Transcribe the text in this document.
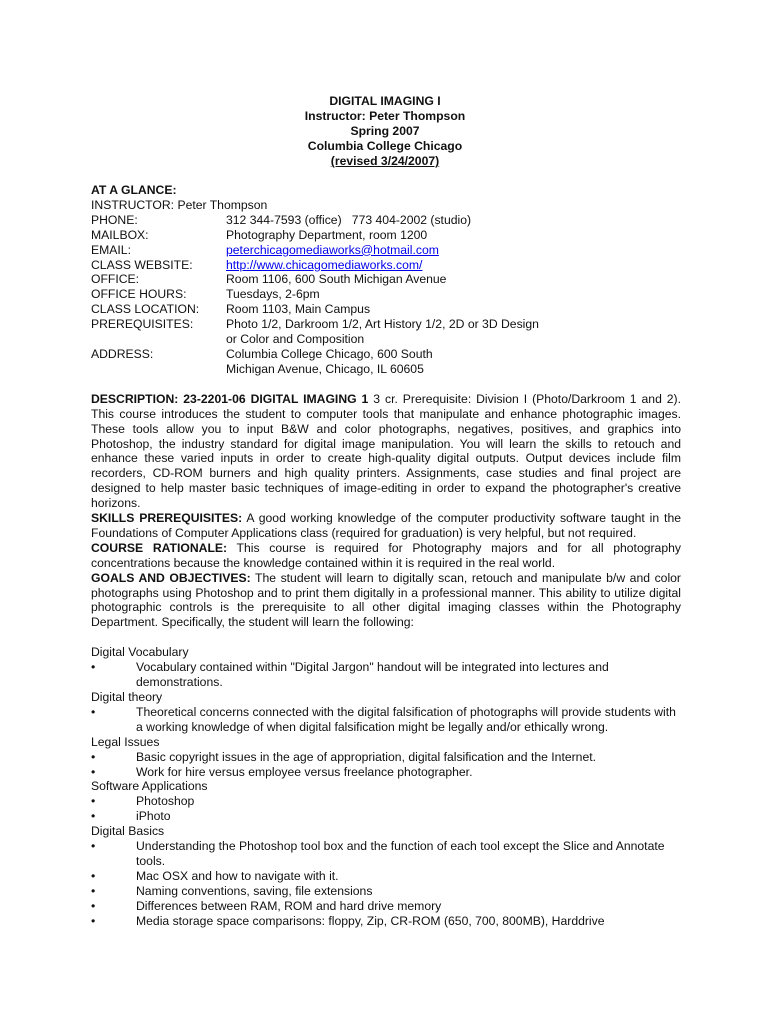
DIGITAL IMAGING I
Instructor: Peter Thompson
Spring 2007
Columbia College Chicago
(revised 3/24/2007)
AT A GLANCE:
INSTRUCTOR: Peter Thompson
PHONE:	312 344-7593 (office)   773 404-2002 (studio)
MAILBOX:	Photography Department, room 1200
EMAIL:	peterchicagomediaworks@hotmail.com
CLASS WEBSITE:	http://www.chicagomediaworks.com/
OFFICE:	Room 1106, 600 South Michigan Avenue
OFFICE HOURS:	Tuesdays, 2-6pm
CLASS LOCATION:	Room 1103, Main Campus
PREREQUISITES:	Photo 1/2, Darkroom 1/2, Art History 1/2, 2D or 3D Design
or Color and Composition
ADDRESS:	Columbia College Chicago, 600 South
Michigan Avenue, Chicago, IL 60605
DESCRIPTION: 23-2201-06 DIGITAL IMAGING 1 3 cr. Prerequisite: Division I (Photo/Darkroom 1 and 2). This course introduces the student to computer tools that manipulate and enhance photographic images. These tools allow you to input B&W and color photographs, negatives, positives, and graphics into Photoshop, the industry standard for digital image manipulation. You will learn the skills to retouch and enhance these varied inputs in order to create high-quality digital outputs. Output devices include film recorders, CD-ROM burners and high quality printers. Assignments, case studies and final project are designed to help master basic techniques of image-editing in order to expand the photographer's creative horizons.
SKILLS PREREQUISITES: A good working knowledge of the computer productivity software taught in the Foundations of Computer Applications class (required for graduation) is very helpful, but not required.
COURSE RATIONALE: This course is required for Photography majors and for all photography concentrations because the knowledge contained within it is required in the real world.
GOALS AND OBJECTIVES: The student will learn to digitally scan, retouch and manipulate b/w and color photographs using Photoshop and to print them digitally in a professional manner. This ability to utilize digital photographic controls is the prerequisite to all other digital imaging classes within the Photography Department. Specifically, the student will learn the following:
Digital Vocabulary
•	Vocabulary contained within "Digital Jargon" handout will be integrated into lectures and demonstrations.
Digital theory
•	Theoretical concerns connected with the digital falsification of photographs will provide students with a working knowledge of when digital falsification might be legally and/or ethically wrong.
Legal Issues
•	Basic copyright issues in the age of appropriation, digital falsification and the Internet.
•	Work for hire versus employee versus freelance photographer.
Software Applications
•	Photoshop
•	iPhoto
Digital Basics
•	Understanding the Photoshop tool box and the function of each tool except the Slice and Annotate tools.
•	Mac OSX and how to navigate with it.
•	Naming conventions, saving, file extensions
•	Differences between RAM, ROM and hard drive memory
•	Media storage space comparisons: floppy, Zip, CR-ROM (650, 700, 800MB), Harddrive
